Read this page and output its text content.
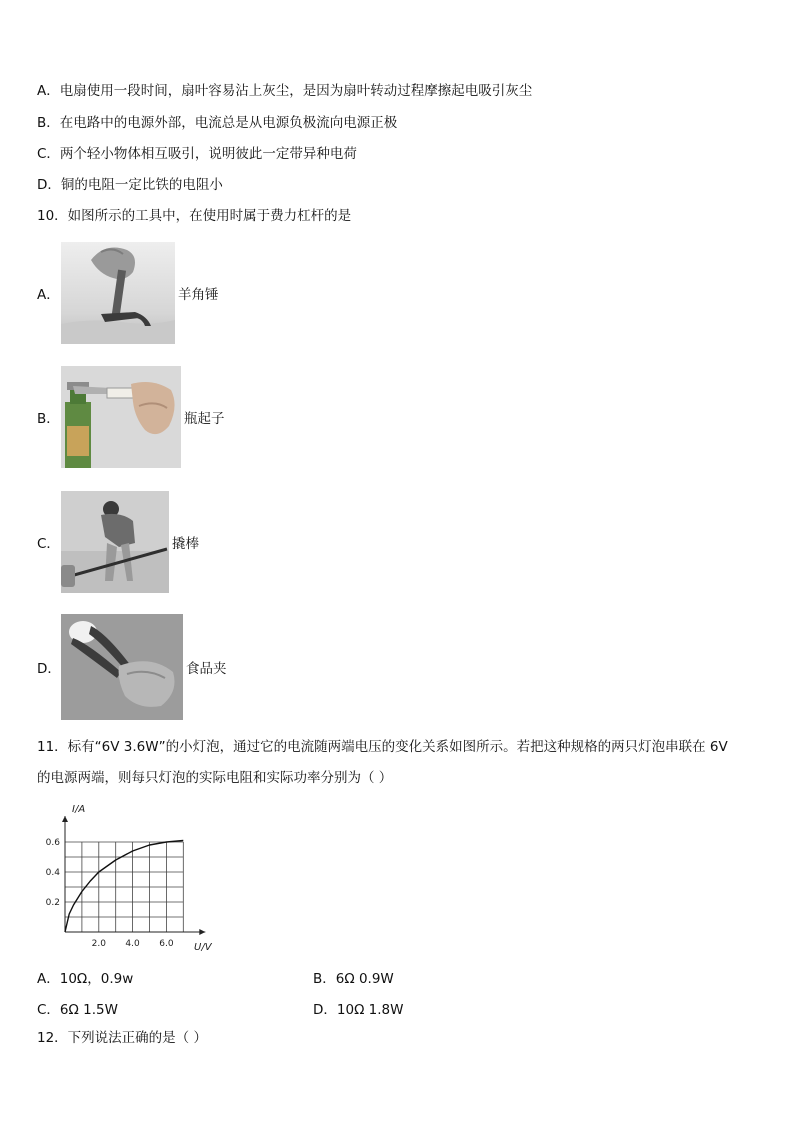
A．电扇使用一段时间，扇叶容易沾上灰尘，是因为扇叶转动过程摩擦起电吸引灰尘
B．在电路中的电源外部，电流总是从电源负极流向电源正极
C．两个轻小物体相互吸引，说明彼此一定带异种电荷
D．铜的电阻一定比铁的电阻小
10．如图所示的工具中，在使用时属于费力杠杆的是
A．	羊角锤
B．	瓶起子
C．	撬棒
D．	食品夹
11．标有“6V 3.6W”的小灯泡，通过它的电流随两端电压的变化关系如图所示。若把这种规格的两只灯泡串联在 6V
的电源两端，则每只灯泡的实际电阻和实际功率分别为（ ）
2.0 4.0 6.0
0.2
0.4
0.6
I/A
U/V
A．10Ω，0.9w	B．6Ω 0.9W
C．6Ω 1.5W	D．10Ω 1.8W
12．下列说法正确的是（ ）
